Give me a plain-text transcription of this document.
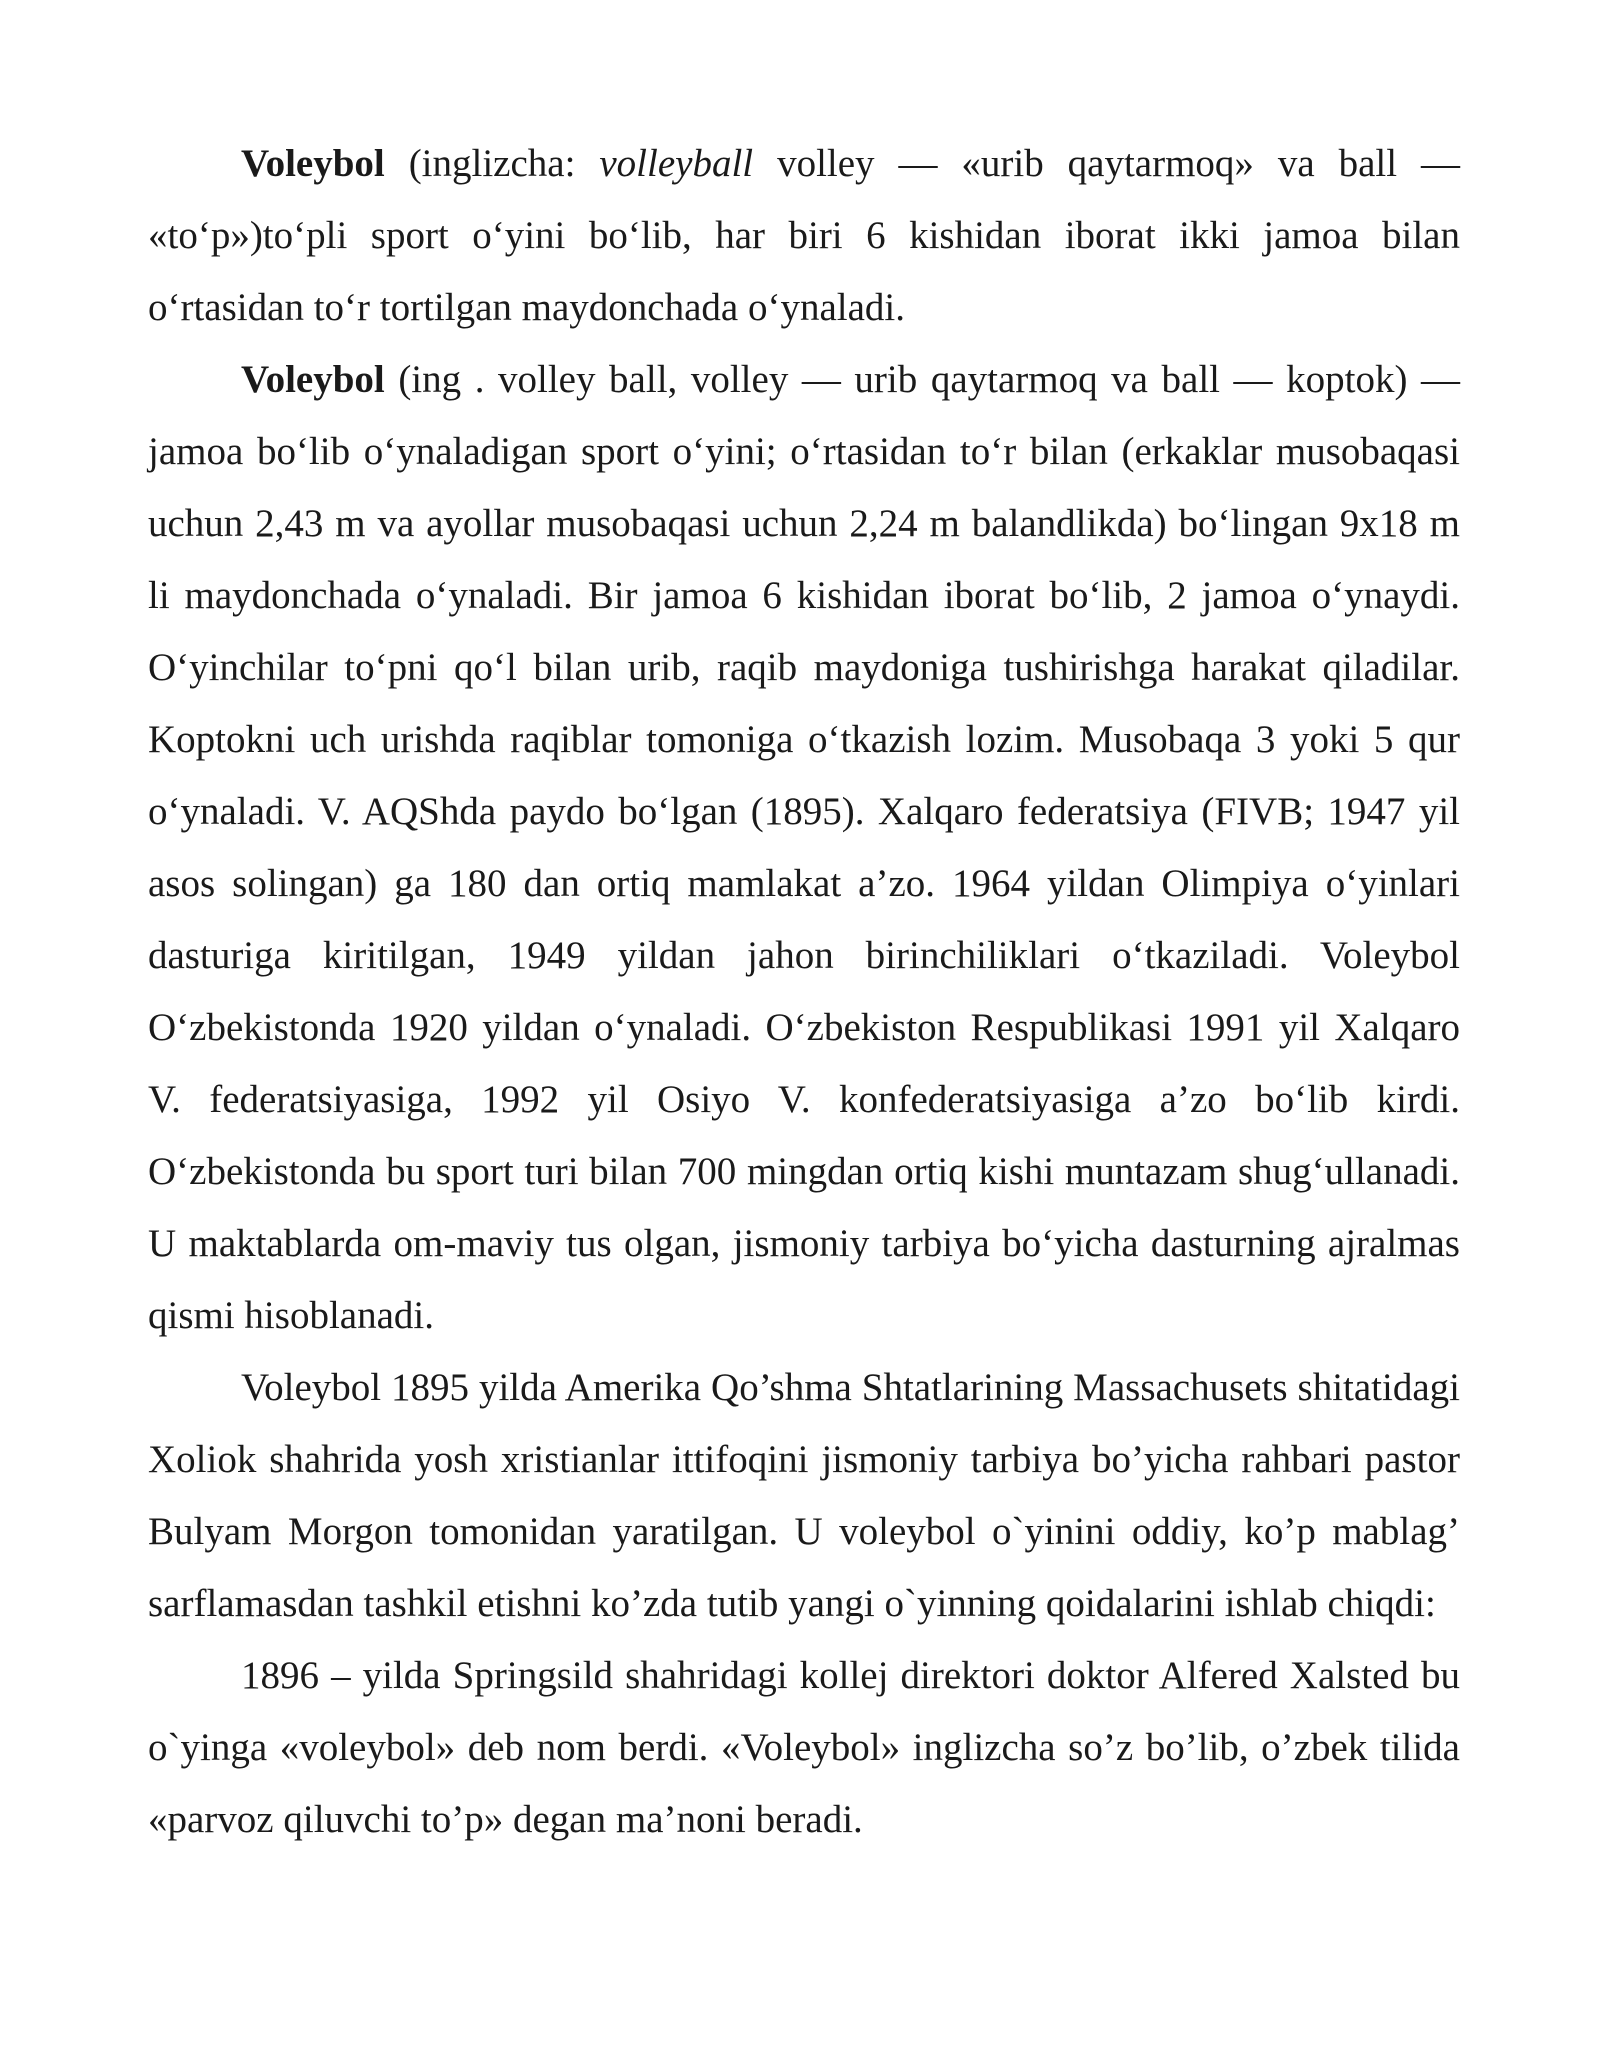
Voleybol (inglizcha: volleyball volley — «urib qaytarmoq» va ball — «to‘p»)to‘pli sport o‘yini bo‘lib, har biri 6 kishidan iborat ikki jamoa bilan o‘rtasidan to‘r tortilgan maydonchada o‘ynaladi.

Voleybol (ing . volley ball, volley — urib qaytarmoq va ball — koptok) — jamoa bo‘lib o‘ynaladigan sport o‘yini; o‘rtasidan to‘r bilan (erkaklar musobaqasi uchun 2,43 m va ayollar musobaqasi uchun 2,24 m balandlikda) bo‘lingan 9x18 m li maydonchada o‘ynaladi. Bir jamoa 6 kishidan iborat bo‘lib, 2 jamoa o‘ynaydi. O‘yinchilar to‘pni qo‘l bilan urib, raqib maydoniga tushirishga harakat qiladilar. Koptokni uch urishda raqiblar tomoniga o‘tkazish lozim. Musobaqa 3 yoki 5 qur o‘ynaladi. V. AQShda paydo bo‘lgan (1895). Xalqaro federatsiya (FIVB; 1947 yil asos solingan) ga 180 dan ortiq mamlakat a’zo. 1964 yildan Olimpiya o‘yinlari dasturiga kiritilgan, 1949 yildan jahon birinchiliklari o‘tkaziladi. Voleybol O‘zbekistonda 1920 yildan o‘ynaladi. O‘zbekiston Respublikasi 1991 yil Xalqaro V. federatsiyasiga, 1992 yil Osiyo V. konfederatsiyasiga a’zo bo‘lib kirdi. O‘zbekistonda bu sport turi bilan 700 mingdan ortiq kishi muntazam shug‘ullanadi. U maktablarda om-maviy tus olgan, jismoniy tarbiya bo‘yicha dasturning ajralmas qismi hisoblanadi.

Voleybol 1895 yilda Amerika Qo’shma Shtatlarining Massachusets shitatidagi Xoliok shahrida yosh xristianlar ittifoqini jismoniy tarbiya bo’yicha rahbari pastor Bulyam Morgon tomonidan yaratilgan. U voleybol o`yinini oddiy, ko’p mablag’ sarflamasdan tashkil etishni ko’zda tutib yangi o`yinning qoidalarini ishlab chiqdi:

1896 – yilda Springsild shahridagi kollej direktori doktor Alfered Xalsted bu o`yinga «voleybol» deb nom berdi. «Voleybol» inglizcha so’z bo’lib, o’zbek tilida «parvoz qiluvchi to’p» degan ma’noni beradi.
